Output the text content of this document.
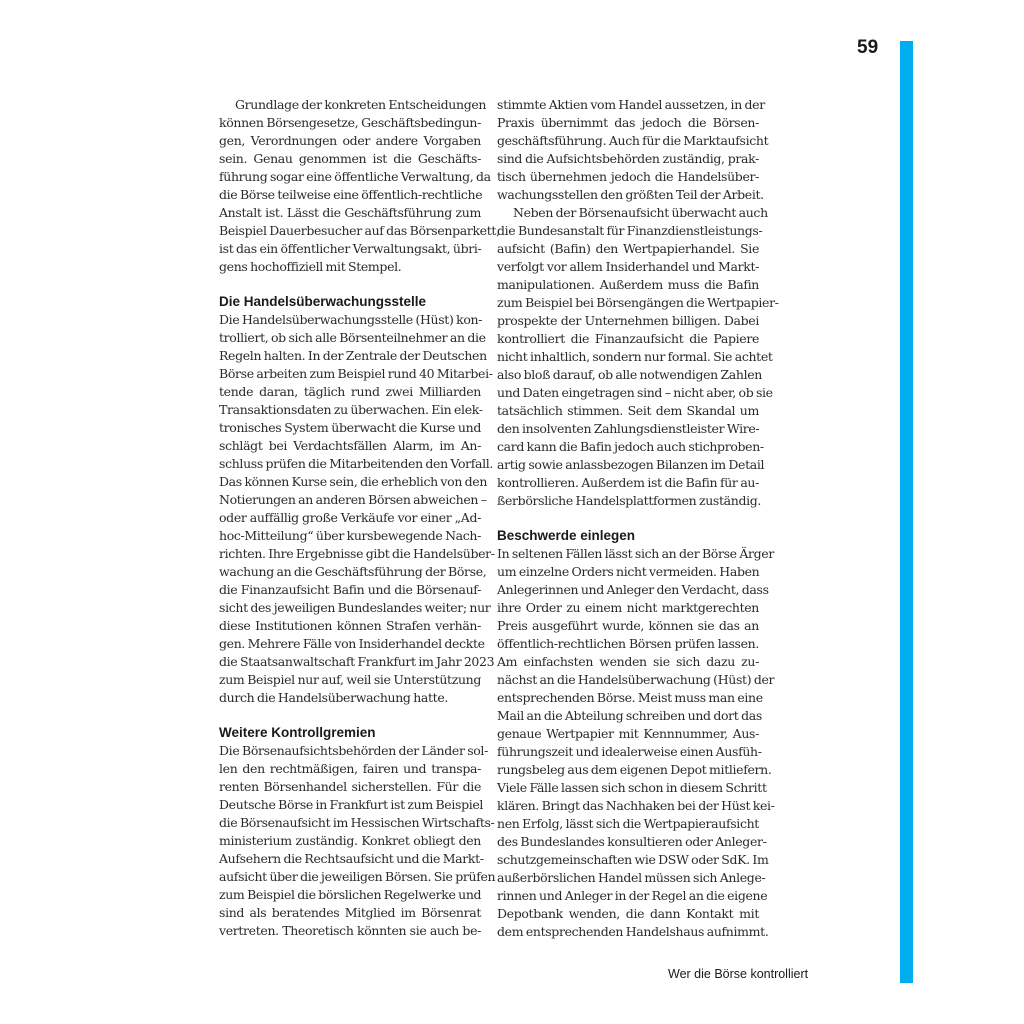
59
Grundlage der konkreten Entscheidungen
können Börsengesetze, Geschäftsbedingun-
gen, Verordnungen oder andere Vorgaben
sein. Genau genommen ist die Geschäfts-
führung sogar eine öffentliche Verwaltung, da
die Börse teilweise eine öffentlich-rechtliche
Anstalt ist. Lässt die Geschäftsführung zum
Beispiel Dauerbesucher auf das Börsenparkett,
ist das ein öffentlicher Verwaltungsakt, übri-
gens hochoffiziell mit Stempel.
Die Handelsüberwachungsstelle
Die Handelsüberwachungsstelle (Hüst) kon-
trolliert, ob sich alle Börsenteilnehmer an die
Regeln halten. In der Zentrale der Deutschen
Börse arbeiten zum Beispiel rund 40 Mitarbei-
tende daran, täglich rund zwei Milliarden
Transaktionsdaten zu überwachen. Ein elek-
tronisches System überwacht die Kurse und
schlägt bei Verdachtsfällen Alarm, im An-
schluss prüfen die Mitarbeitenden den Vorfall.
Das können Kurse sein, die erheblich von den
Notierungen an anderen Börsen abweichen –
oder auffällig große Verkäufe vor einer „Ad-
hoc-Mitteilung“ über kursbewegende Nach-
richten. Ihre Ergebnisse gibt die Handelsüber-
wachung an die Geschäftsführung der Börse,
die Finanzaufsicht Bafin und die Börsenauf-
sicht des jeweiligen Bundeslandes weiter; nur
diese Institutionen können Strafen verhän-
gen. Mehrere Fälle von Insiderhandel deckte
die Staatsanwaltschaft Frankfurt im Jahr 2023
zum Beispiel nur auf, weil sie Unterstützung
durch die Handelsüberwachung hatte.
Weitere Kontrollgremien
Die Börsenaufsichtsbehörden der Länder sol-
len den rechtmäßigen, fairen und transpa-
renten Börsenhandel sicherstellen. Für die
Deutsche Börse in Frankfurt ist zum Beispiel
die Börsenaufsicht im Hessischen Wirtschafts-
ministerium zuständig. Konkret obliegt den
Aufsehern die Rechtsaufsicht und die Markt-
aufsicht über die jeweiligen Börsen. Sie prüfen
zum Beispiel die börslichen Regelwerke und
sind als beratendes Mitglied im Börsenrat
vertreten. Theoretisch könnten sie auch be-
stimmte Aktien vom Handel aussetzen, in der
Praxis übernimmt das jedoch die Börsen-
geschäftsführung. Auch für die Marktaufsicht
sind die Aufsichtsbehörden zuständig, prak-
tisch übernehmen jedoch die Handelsüber-
wachungsstellen den größten Teil der Arbeit.
Neben der Börsenaufsicht überwacht auch
die Bundesanstalt für Finanzdienstleistungs-
aufsicht (Bafin) den Wertpapierhandel. Sie
verfolgt vor allem Insiderhandel und Markt-
manipulationen. Außerdem muss die Bafin
zum Beispiel bei Börsengängen die Wertpapier-
prospekte der Unternehmen billigen. Dabei
kontrolliert die Finanzaufsicht die Papiere
nicht inhaltlich, sondern nur formal. Sie achtet
also bloß darauf, ob alle notwendigen Zahlen
und Daten eingetragen sind – nicht aber, ob sie
tatsächlich stimmen. Seit dem Skandal um
den insolventen Zahlungsdienstleister Wire-
card kann die Bafin jedoch auch stichproben-
artig sowie anlassbezogen Bilanzen im Detail
kontrollieren. Außerdem ist die Bafin für au-
ßerbörsliche Handelsplattformen zuständig.
Beschwerde einlegen
In seltenen Fällen lässt sich an der Börse Ärger
um einzelne Orders nicht vermeiden. Haben
Anlegerinnen und Anleger den Verdacht, dass
ihre Order zu einem nicht marktgerechten
Preis ausgeführt wurde, können sie das an
öffentlich-rechtlichen Börsen prüfen lassen.
Am einfachsten wenden sie sich dazu zu-
nächst an die Handelsüberwachung (Hüst) der
entsprechenden Börse. Meist muss man eine
Mail an die Abteilung schreiben und dort das
genaue Wertpapier mit Kennnummer, Aus-
führungszeit und idealerweise einen Ausfüh-
rungsbeleg aus dem eigenen Depot mitliefern.
Viele Fälle lassen sich schon in diesem Schritt
klären. Bringt das Nachhaken bei der Hüst kei-
nen Erfolg, lässt sich die Wertpapieraufsicht
des Bundeslandes konsultieren oder Anleger-
schutzgemeinschaften wie DSW oder SdK. Im
außerbörslichen Handel müssen sich Anlege-
rinnen und Anleger in der Regel an die eigene
Depotbank wenden, die dann Kontakt mit
dem entsprechenden Handelshaus aufnimmt.
Wer die Börse kontrolliert
